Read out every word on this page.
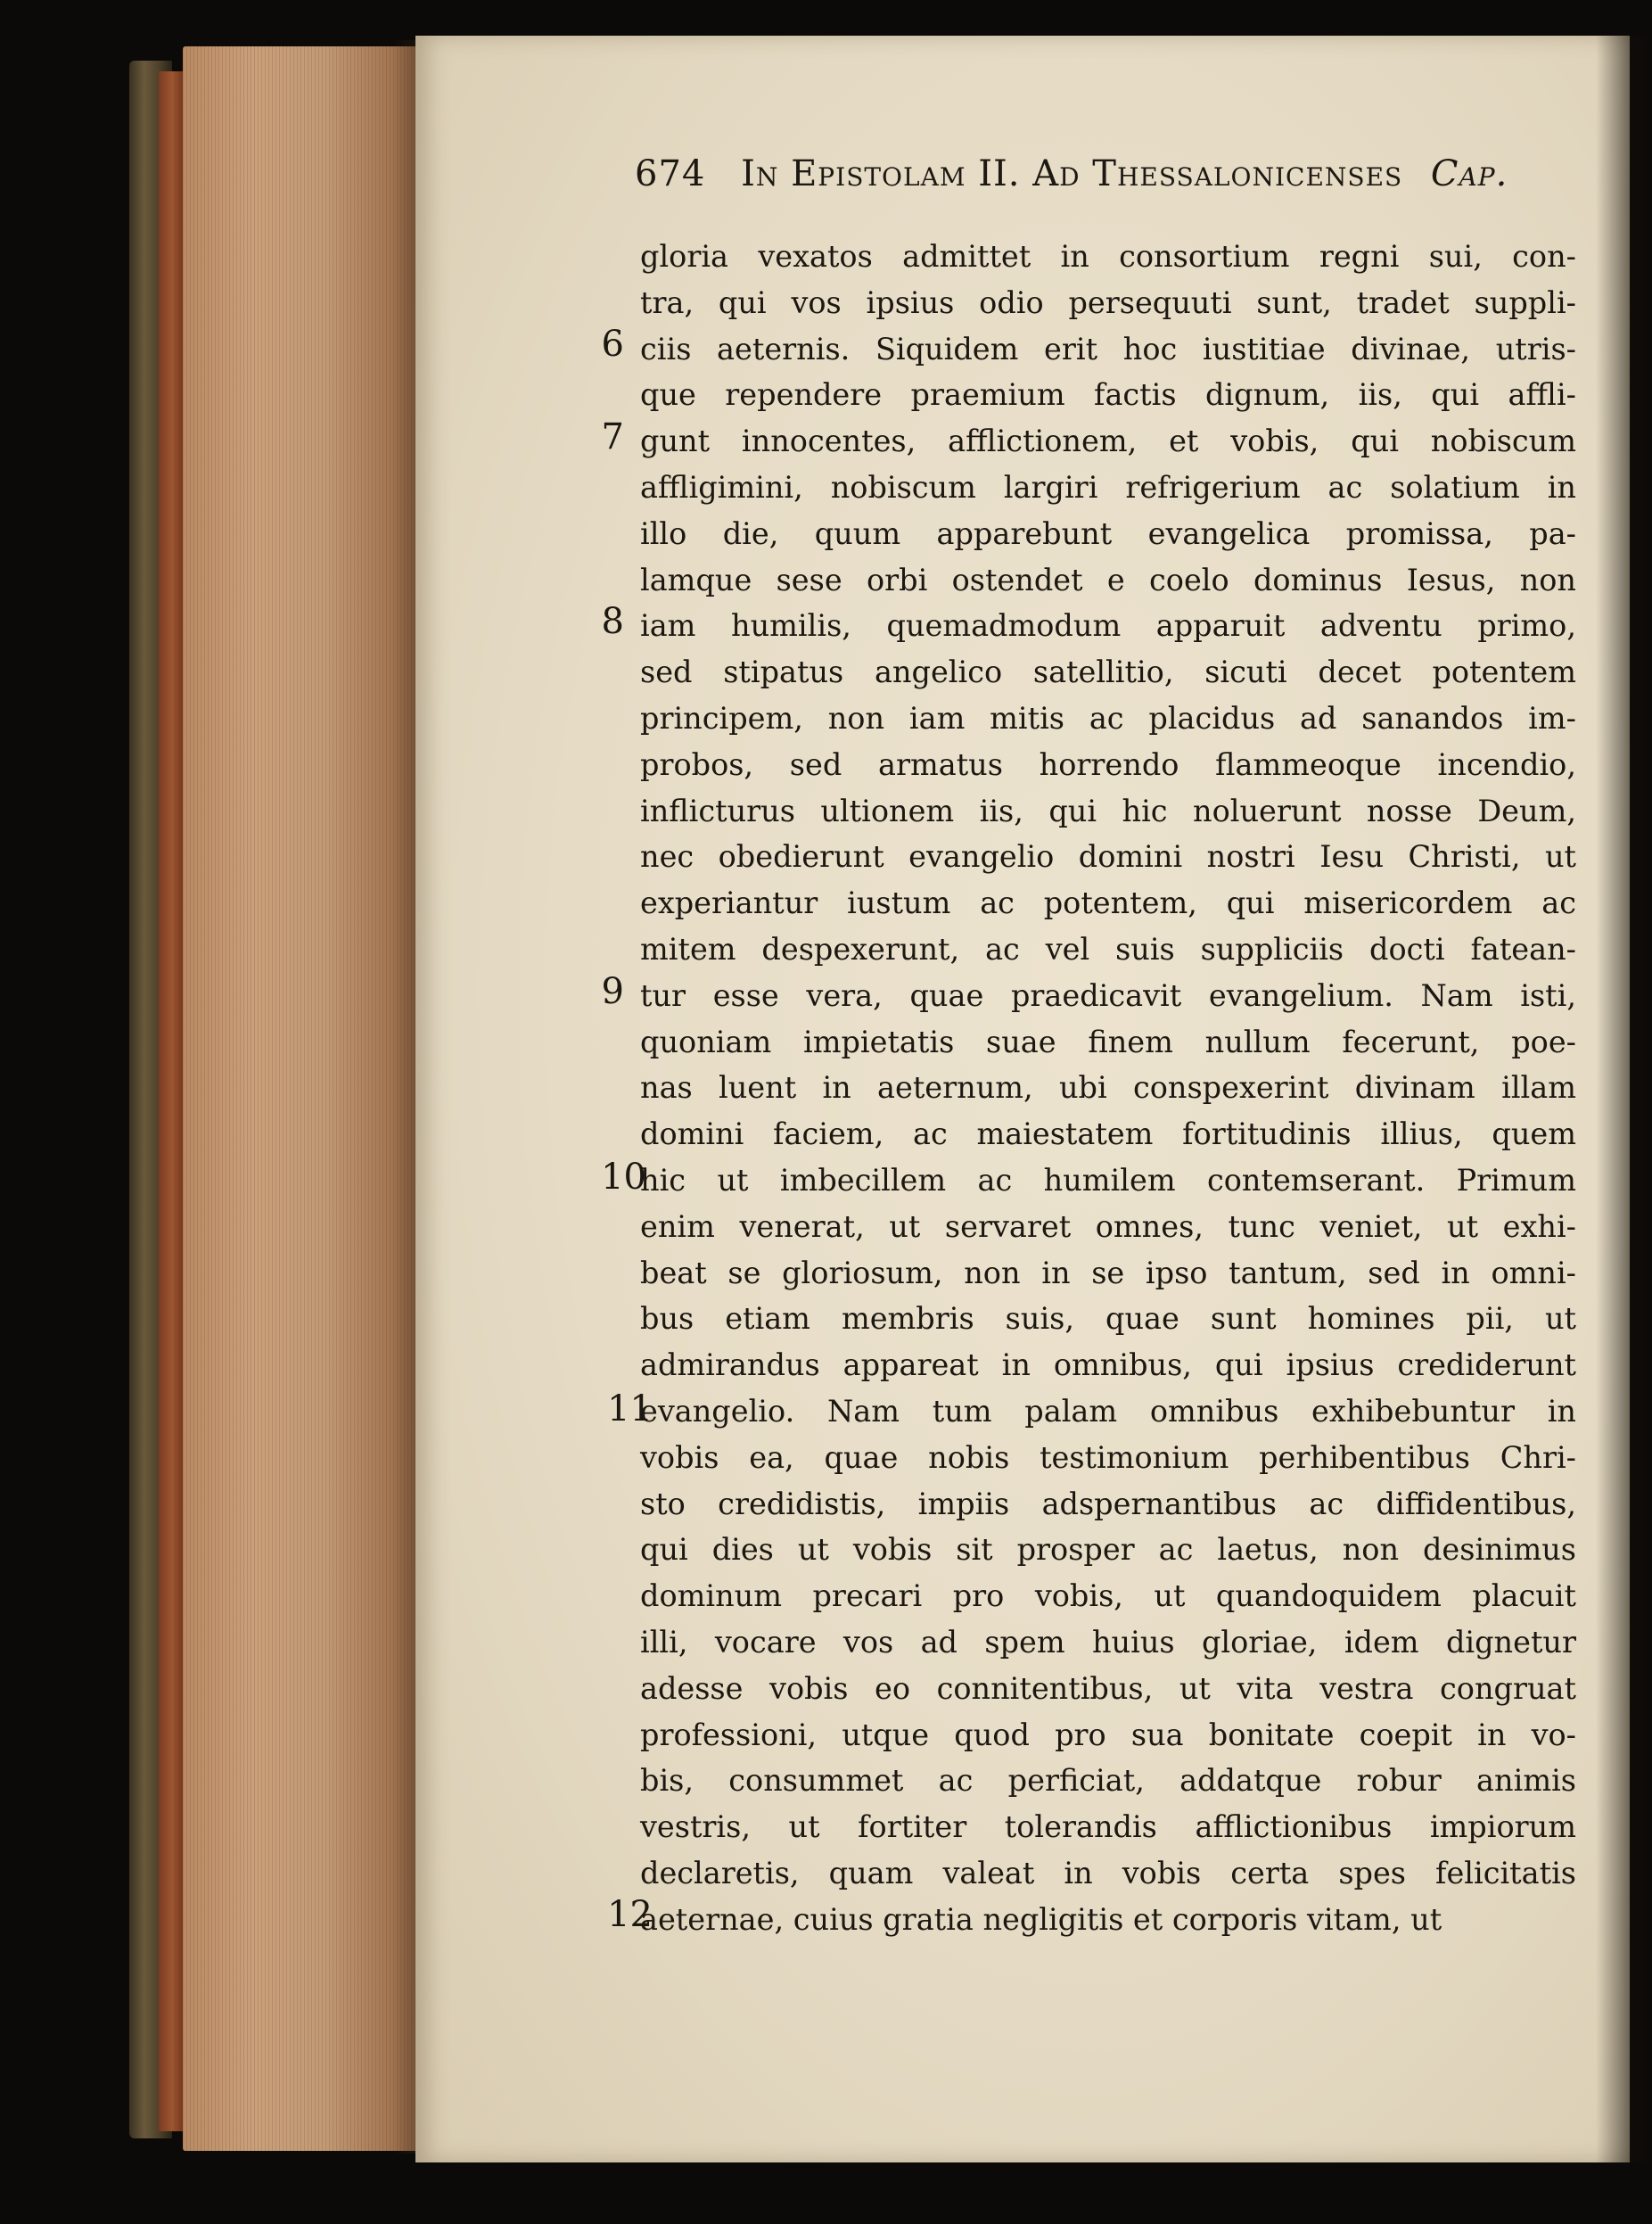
674 In Epistolam II. Ad Thessalonicenses Cap.
6
7
8
9
10
11
12
gloria vexatos admittet in consortium regni sui, con-
tra, qui vos ipsius odio persequuti sunt, tradet suppli-
ciis aeternis. Siquidem erit hoc iustitiae divinae, utris-
que rependere praemium factis dignum, iis, qui affli-
gunt innocentes, afflictionem, et vobis, qui nobiscum
affligimini, nobiscum largiri refrigerium ac solatium in
illo die, quum apparebunt evangelica promissa, pa-
lamque sese orbi ostendet e coelo dominus Iesus, non
iam humilis, quemadmodum apparuit adventu primo,
sed stipatus angelico satellitio, sicuti decet potentem
principem, non iam mitis ac placidus ad sanandos im-
probos, sed armatus horrendo flammeoque incendio,
inflicturus ultionem iis, qui hic noluerunt nosse Deum,
nec obedierunt evangelio domini nostri Iesu Christi, ut
experiantur iustum ac potentem, qui misericordem ac
mitem despexerunt, ac vel suis suppliciis docti fatean-
tur esse vera, quae praedicavit evangelium. Nam isti,
quoniam impietatis suae finem nullum fecerunt, poe-
nas luent in aeternum, ubi conspexerint divinam illam
domini faciem, ac maiestatem fortitudinis illius, quem
hic ut imbecillem ac humilem contemserant. Primum
enim venerat, ut servaret omnes, tunc veniet, ut exhi-
beat se gloriosum, non in se ipso tantum, sed in omni-
bus etiam membris suis, quae sunt homines pii, ut
admirandus appareat in omnibus, qui ipsius crediderunt
evangelio. Nam tum palam omnibus exhibebuntur in
vobis ea, quae nobis testimonium perhibentibus Chri-
sto credidistis, impiis adspernantibus ac diffidentibus,
qui dies ut vobis sit prosper ac laetus, non desinimus
dominum precari pro vobis, ut quandoquidem placuit
illi, vocare vos ad spem huius gloriae, idem dignetur
adesse vobis eo connitentibus, ut vita vestra congruat
professioni, utque quod pro sua bonitate coepit in vo-
bis, consummet ac perficiat, addatque robur animis
vestris, ut fortiter tolerandis afflictionibus impiorum
declaretis, quam valeat in vobis certa spes felicitatis
aeternae, cuius gratia negligitis et corporis vitam, ut
